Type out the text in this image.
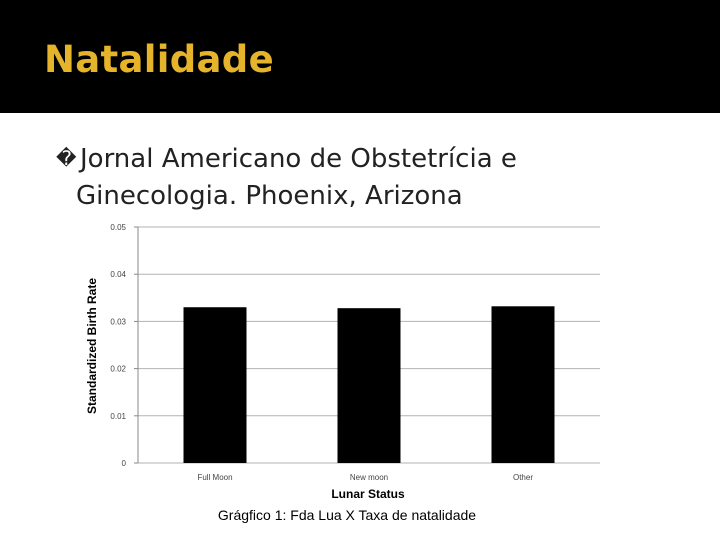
Natalidade
� Jornal Americano de Obstetrícia e
Ginecologia. Phoenix, Arizona
0
0.01
0.02
0.03
0.04
0.05
Full Moon	New moon	Other
Standardized Birth Rate
Lunar Status
Grágfico 1: Fda Lua X Taxa de natalidade
